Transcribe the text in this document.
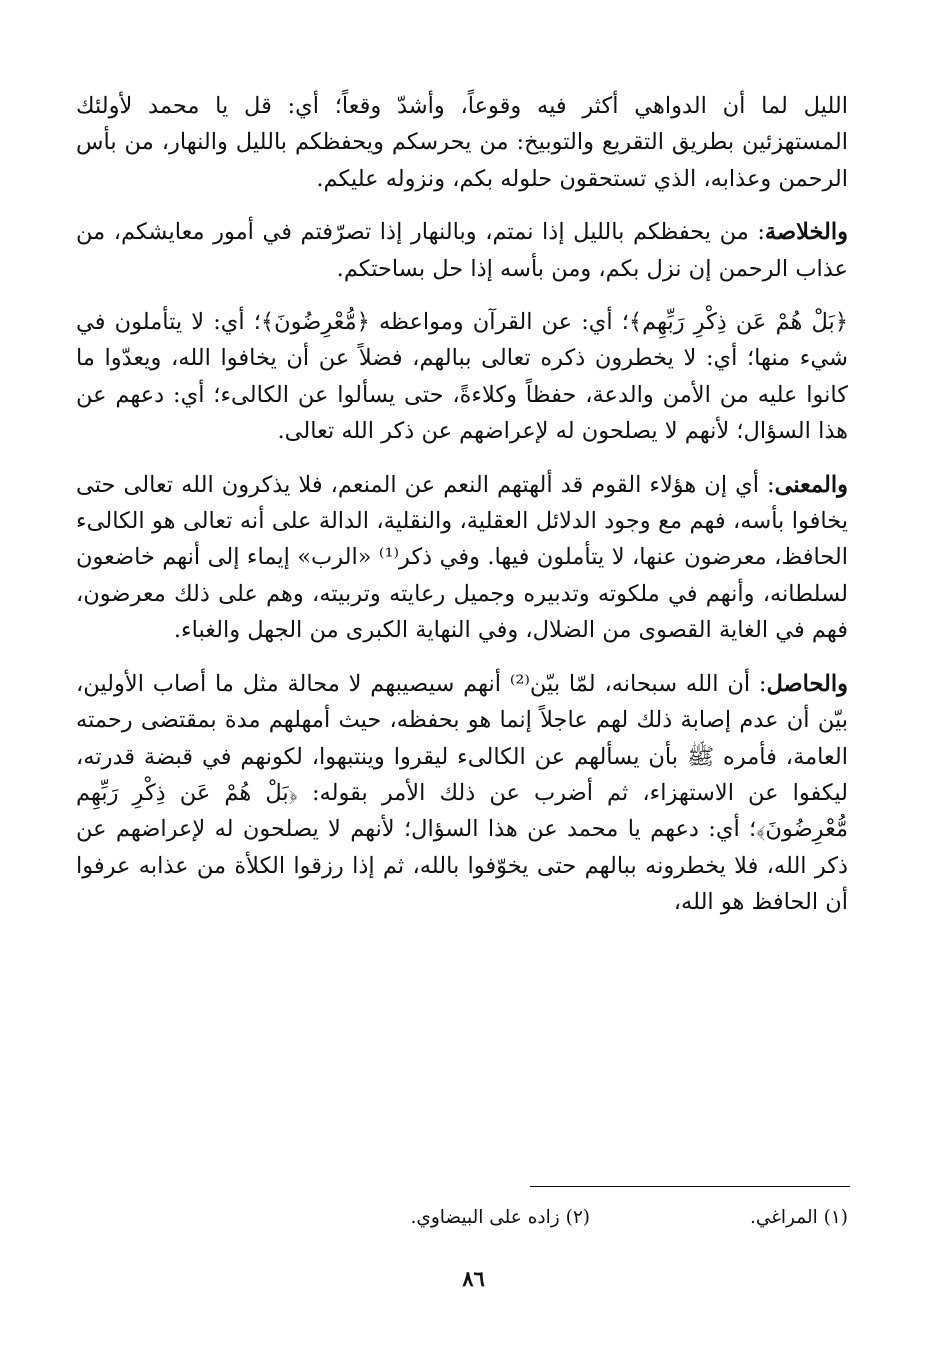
الليل لما أن الدواهي أكثر فيه وقوعاً، وأشدّ وقعاً؛ أي: قل يا محمد لأولئك المستهزئين بطريق التقريع والتوبيخ: من يحرسكم ويحفظكم بالليل والنهار، من بأس الرحمن وعذابه، الذي تستحقون حلوله بكم، ونزوله عليكم.

والخلاصة: من يحفظكم بالليل إذا نمتم، وبالنهار إذا تصرّفتم في أمور معايشكم، من عذاب الرحمن إن نزل بكم، ومن بأسه إذا حل بساحتكم.

﴿بَلْ هُمْ عَن ذِكْرِ رَبِّهِم﴾؛ أي: عن القرآن ومواعظه ﴿مُّعْرِضُونَ﴾؛ أي: لا يتأملون في شيء منها؛ أي: لا يخطرون ذكره تعالى ببالهم، فضلاً عن أن يخافوا الله، ويعدّوا ما كانوا عليه من الأمن والدعة، حفظاً وكلاءةً، حتى يسألوا عن الكالىء؛ أي: دعهم عن هذا السؤال؛ لأنهم لا يصلحون له لإعراضهم عن ذكر الله تعالى.

والمعنى: أي إن هؤلاء القوم قد ألهتهم النعم عن المنعم، فلا يذكرون الله تعالى حتى يخافوا بأسه، فهم مع وجود الدلائل العقلية، والنقلية، الدالة على أنه تعالى هو الكالىء الحافظ، معرضون عنها، لا يتأملون فيها. وفي ذكر⁽¹⁾ «الرب» إيماء إلى أنهم خاضعون لسلطانه، وأنهم في ملكوته وتدبيره وجميل رعايته وتربيته، وهم على ذلك معرضون، فهم في الغاية القصوى من الضلال، وفي النهاية الكبرى من الجهل والغباء.

والحاصل: أن الله سبحانه، لمّا بيّن⁽²⁾ أنهم سيصيبهم لا محالة مثل ما أصاب الأولين، بيّن أن عدم إصابة ذلك لهم عاجلاً إنما هو بحفظه، حيث أمهلهم مدة بمقتضى رحمته العامة، فأمره ﷺ بأن يسألهم عن الكالىء ليقروا وينتبهوا، لكونهم في قبضة قدرته، ليكفوا عن الاستهزاء، ثم أضرب عن ذلك الأمر بقوله: ﴿بَلْ هُمْ عَن ذِكْرِ رَبِّهِم مُّعْرِضُونَ﴾؛ أي: دعهم يا محمد عن هذا السؤال؛ لأنهم لا يصلحون له لإعراضهم عن ذكر الله، فلا يخطرونه ببالهم حتى يخوّفوا بالله، ثم إذا رزقوا الكلأة من عذابه عرفوا أن الحافظ هو الله،

(١) المراغي.
(٢) زاده على البيضاوي.
٨٦
